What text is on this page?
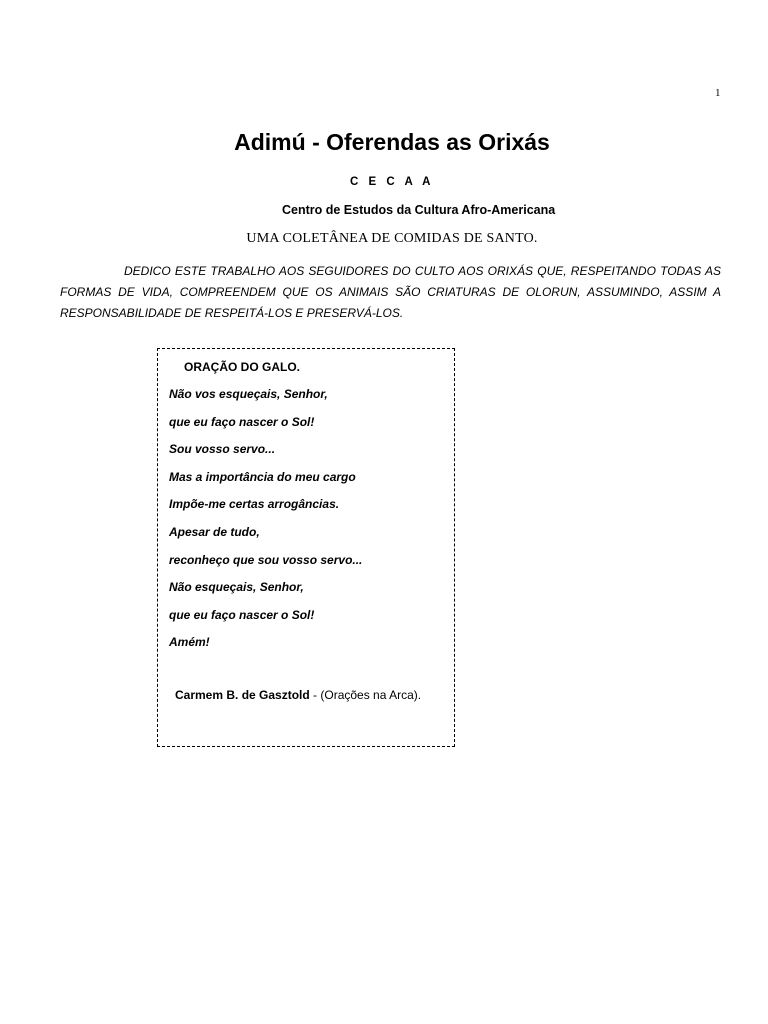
1
Adimú - Oferendas as Orixás
C E C A A
Centro de Estudos da Cultura Afro-Americana
UMA COLETÂNEA DE COMIDAS DE SANTO.

DEDICO ESTE TRABALHO AOS SEGUIDORES DO CULTO AOS ORIXÁS QUE, RESPEITANDO TODAS AS FORMAS DE VIDA, COMPREENDEM QUE OS ANIMAIS SÃO CRIATURAS DE OLORUN, ASSUMINDO, ASSIM A RESPONSABILIDADE DE RESPEITÁ-LOS E PRESERVÁ-LOS.

ORAÇÃO DO GALO.
Não vos esqueçais, Senhor,
que eu faço nascer o Sol!
Sou vosso servo...
Mas a importância do meu cargo
Impõe-me certas arrogâncias.
Apesar de tudo,
reconheço que sou vosso servo...
Não esqueçais, Senhor,
que eu faço nascer o Sol!
Amém!
Carmem B. de Gasztold - (Orações na Arca).
